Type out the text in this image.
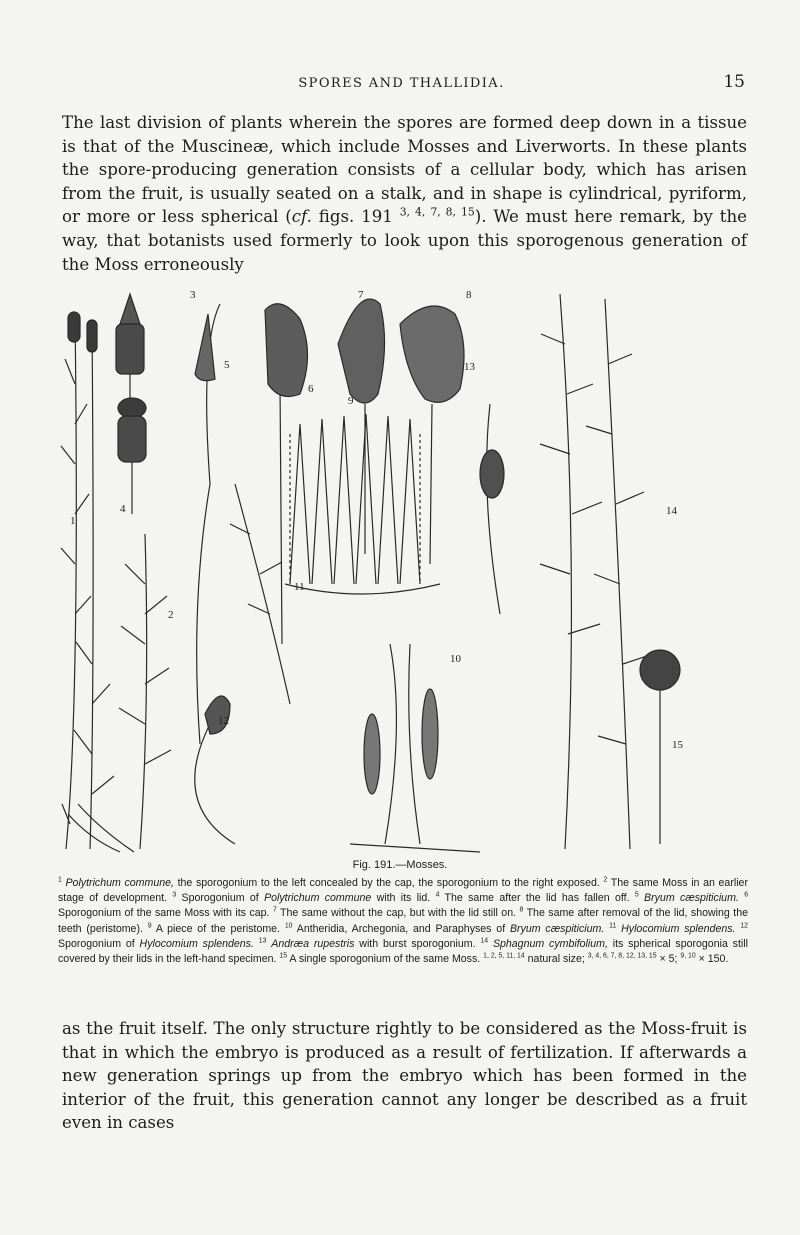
SPORES AND THALLIDIA.	15

The last division of plants wherein the spores are formed deep down in a tissue is that of the Muscineæ, which include Mosses and Liverworts. In these plants the spore-producing generation consists of a cellular body, which has arisen from the fruit, is usually seated on a stalk, and in shape is cylindrical, pyriform, or more or less spherical (cf. figs. 191 $^{3, 4, 7, 8, 15}$). We must here remark, by the way, that botanists used formerly to look upon this sporogenous generation of the Moss erroneously

1
2
3
4
5
6
7	8
9
10
11
12
13
14
15
Fig. 191.—Mosses.

$^1$ Polytrichum commune, the sporogonium to the left concealed by the cap, the sporogonium to the right exposed. $^2$ The same Moss in an earlier stage of development. $^3$ Sporogonium of Polytrichum commune with its lid. $^4$ The same after the lid has fallen off. $^5$ Bryum cæspiticium. $^6$ Sporogonium of the same Moss with its cap. $^7$ The same without the cap, but with the lid still on. $^8$ The same after removal of the lid, showing the teeth (peristome). $^9$ A piece of the peristome. $^{10}$ Antheridia, Archegonia, and Paraphyses of Bryum cæspiticium. $^{11}$ Hylocomium splendens. $^{12}$ Sporogonium of Hylocomium splendens. $^{13}$ Andræa rupestris with burst sporogonium. $^{14}$ Sphagnum cymbifolium, its spherical sporogonia still covered by their lids in the left-hand specimen. $^{15}$ A single sporogonium of the same Moss. $^{1, 2, 5, 11, 14}$ natural size; $^{3, 4, 6, 7, 8, 12, 13, 15}$ × 5; $^{9, 10}$ × 150.

as the fruit itself. The only structure rightly to be considered as the Moss-fruit is that in which the embryo is produced as a result of fertilization. If afterwards a new generation springs up from the embryo which has been formed in the interior of the fruit, this generation cannot any longer be described as a fruit even in cases
